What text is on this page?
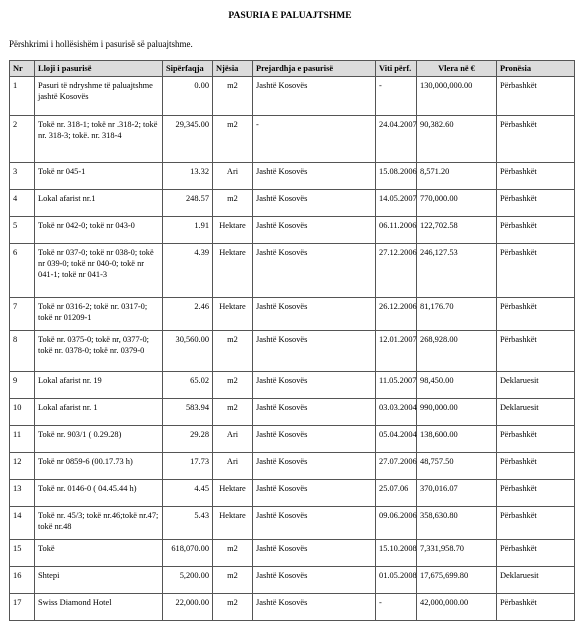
PASURIA E PALUAJTSHME
Përshkrimi i hollësishëm i pasurisë së paluajtshme.
Nr	Lloji i pasurisë	Sipërfaqja	Njësia	Prejardhja e pasurisë	Viti përf.	Vlera në €	Pronësia
1	Pasuri të ndryshme të paluajtshme jashtë Kosovës	0.00	m2	Jashtë Kosovës	-	130,000,000.00	Përbashkët
2	Tokë nr. 318-1; tokë nr .318-2; tokë nr. 318-3; tokë. nr. 318-4	29,345.00	m2	-	24.04.2007	90,382.60	Përbashkët
3	Tokë nr 045-1	13.32	Ari	Jashtë Kosovës	15.08.2006	8,571.20	Përbashkët
4	Lokal afarist nr.1	248.57	m2	Jashtë Kosovës	14.05.2007	770,000.00	Përbashkët
5	Tokë nr 042-0; tokë nr 043-0	1.91	Hektare	Jashtë Kosovës	06.11.2006	122,702.58	Përbashkët
6	Tokë nr 037-0; tokë nr 038-0; tokë nr 039-0; tokë nr 040-0; tokë nr 041-1; tokë nr 041-3	4.39	Hektare	Jashtë Kosovës	27.12.2006	246,127.53	Përbashkët
7	Tokë nr 0316-2; tokë nr. 0317-0; tokë nr 01209-1	2.46	Hektare	Jashtë Kosovës	26.12.2006	81,176.70	Përbashkët
8	Tokë nr. 0375-0; tokë nr, 0377-0; tokë nr. 0378-0; tokë nr. 0379-0	30,560.00	m2	Jashtë Kosovës	12.01.2007	268,928.00	Përbashkët
9	Lokal afarist nr. 19	65.02	m2	Jashtë Kosovës	11.05.2007	98,450.00	Deklaruesit
10	Lokal afarist nr. 1	583.94	m2	Jashtë Kosovës	03.03.2004	990,000.00	Deklaruesit
11	Tokë nr. 903/1 ( 0.29.28)	29.28	Ari	Jashtë Kosovës	05.04.2004	138,600.00	Përbashkët
12	Tokë nr 0859-6 (00.17.73 h)	17.73	Ari	Jashtë Kosovës	27.07.2006	48,757.50	Përbashkët
13	Tokë nr. 0146-0 ( 04.45.44 h)	4.45	Hektare	Jashtë Kosovës	25.07.06	370,016.07	Përbashkët
14	Tokë nr. 45/3; tokë nr.46;tokë nr.47; tokë nr.48	5.43	Hektare	Jashtë Kosovës	09.06.2006	358,630.80	Përbashkët
15	Tokë	618,070.00	m2	Jashtë Kosovës	15.10.2008	7,331,958.70	Përbashkët
16	Shtepi	5,200.00	m2	Jashtë Kosovës	01.05.2008	17,675,699.80	Deklaruesit
17	Swiss Diamond Hotel	22,000.00	m2	Jashtë Kosovës	-	42,000,000.00	Përbashkët
